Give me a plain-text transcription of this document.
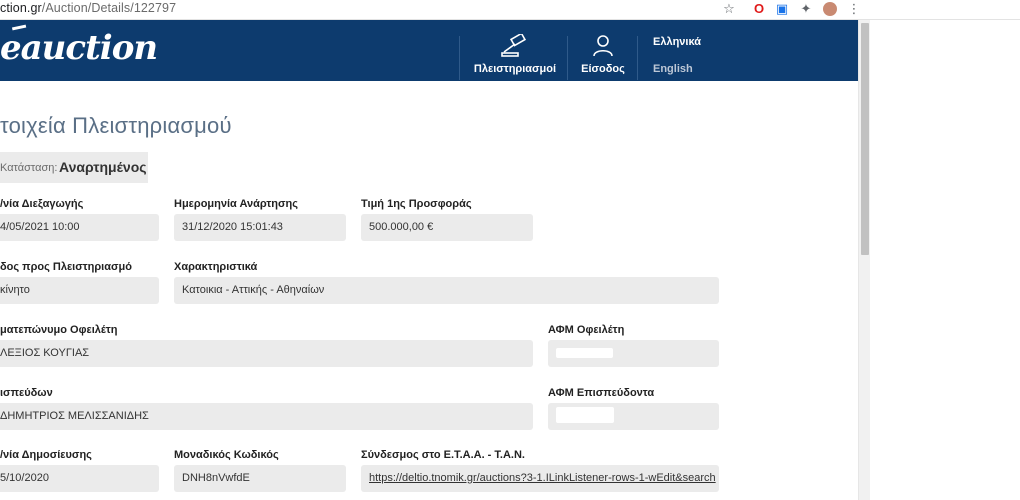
ction.gr/Auction/Details/122797	☆ O ▣ ✦	⋮
eauction
Πλειστηριασμοί	Είσοδος
Ελληνικά
English
τοιχεία Πλειστηριασμού
Κατάσταση: Αναρτημένος
/νία Διεξαγωγής
4/05/2021 10:00
Ημερομηνία Ανάρτησης
31/12/2020 15:01:43
Τιμή 1ης Προσφοράς
500.000,00 €
δος προς Πλειστηριασμό
κίνητο
Χαρακτηριστικά
Κατοικια - Αττικής - Αθηναίων
ματεπώνυμο Οφειλέτη
ΛΕΞΙΟΣ ΚΟΥΓΙΑΣ
ΑΦΜ Οφειλέτη
ισπεύδων
ΔΗΜΗΤΡΙΟΣ ΜΕΛΙΣΣΑΝΙΔΗΣ
ΑΦΜ Επισπεύδοντα
/νία Δημοσίευσης
5/10/2020
Μοναδικός Κωδικός
DNH8nVwfdE
Σύνδεσμος στο Ε.Τ.Α.Α. - Τ.Α.Ν.
https://deltio.tnomik.gr/auctions?3-1.ILinkListener-rows-1-wEdit&search
